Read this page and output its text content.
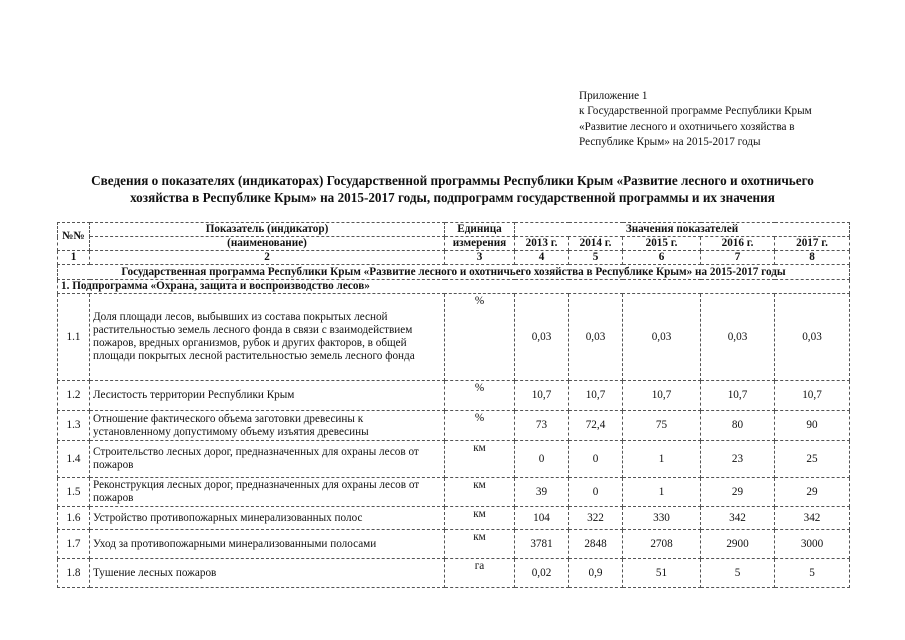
Приложение 1
к Государственной программе Республики Крым
«Развитие лесного и охотничьего хозяйства в
Республике Крым» на 2015-2017 годы
Сведения о показателях (индикаторах) Государственной программы Республики Крым «Развитие лесного и охотничьего
хозяйства в Республике Крым» на 2015-2017 годы, подпрограмм государственной программы и их значения
№№	Показатель (индикатор)	Единица	Значения показателей				
	(наименование)	измерения	2013 г.	2014 г.	2015 г.	2016 г.	2017 г.
1	2	3	4	5	6	7	8
Государственная программа Республики Крым «Развитие лесного и охотничьего хозяйства в Республике Крым» на 2015-2017 годы							
1. Подпрограмма «Охрана, защита и воспроизводство лесов»							
1.1	Доля площади лесов, выбывших из состава покрытых лесной растительностью земель лесного фонда в связи с взаимодействием пожаров, вредных организмов, рубок и других факторов, в общей площади покрытых лесной растительностью земель лесного фонда	%	0,03	0,03	0,03	0,03	0,03
1.2	Лесистость территории Республики Крым	%	10,7	10,7	10,7	10,7	10,7
1.3	Отношение фактического объема заготовки древесины к установленному допустимому объему изъятия древесины	%	73	72,4	75	80	90
1.4	Строительство лесных дорог, предназначенных для охраны лесов от пожаров	км	0	0	1	23	25
1.5	Реконструкция лесных дорог, предназначенных для охраны лесов от пожаров	км	39	0	1	29	29
1.6	Устройство противопожарных минерализованных полос	км	104	322	330	342	342
1.7	Уход за противопожарными минерализованными полосами	км	3781	2848	2708	2900	3000
1.8	Тушение лесных пожаров	га	0,02	0,9	51	5	5
